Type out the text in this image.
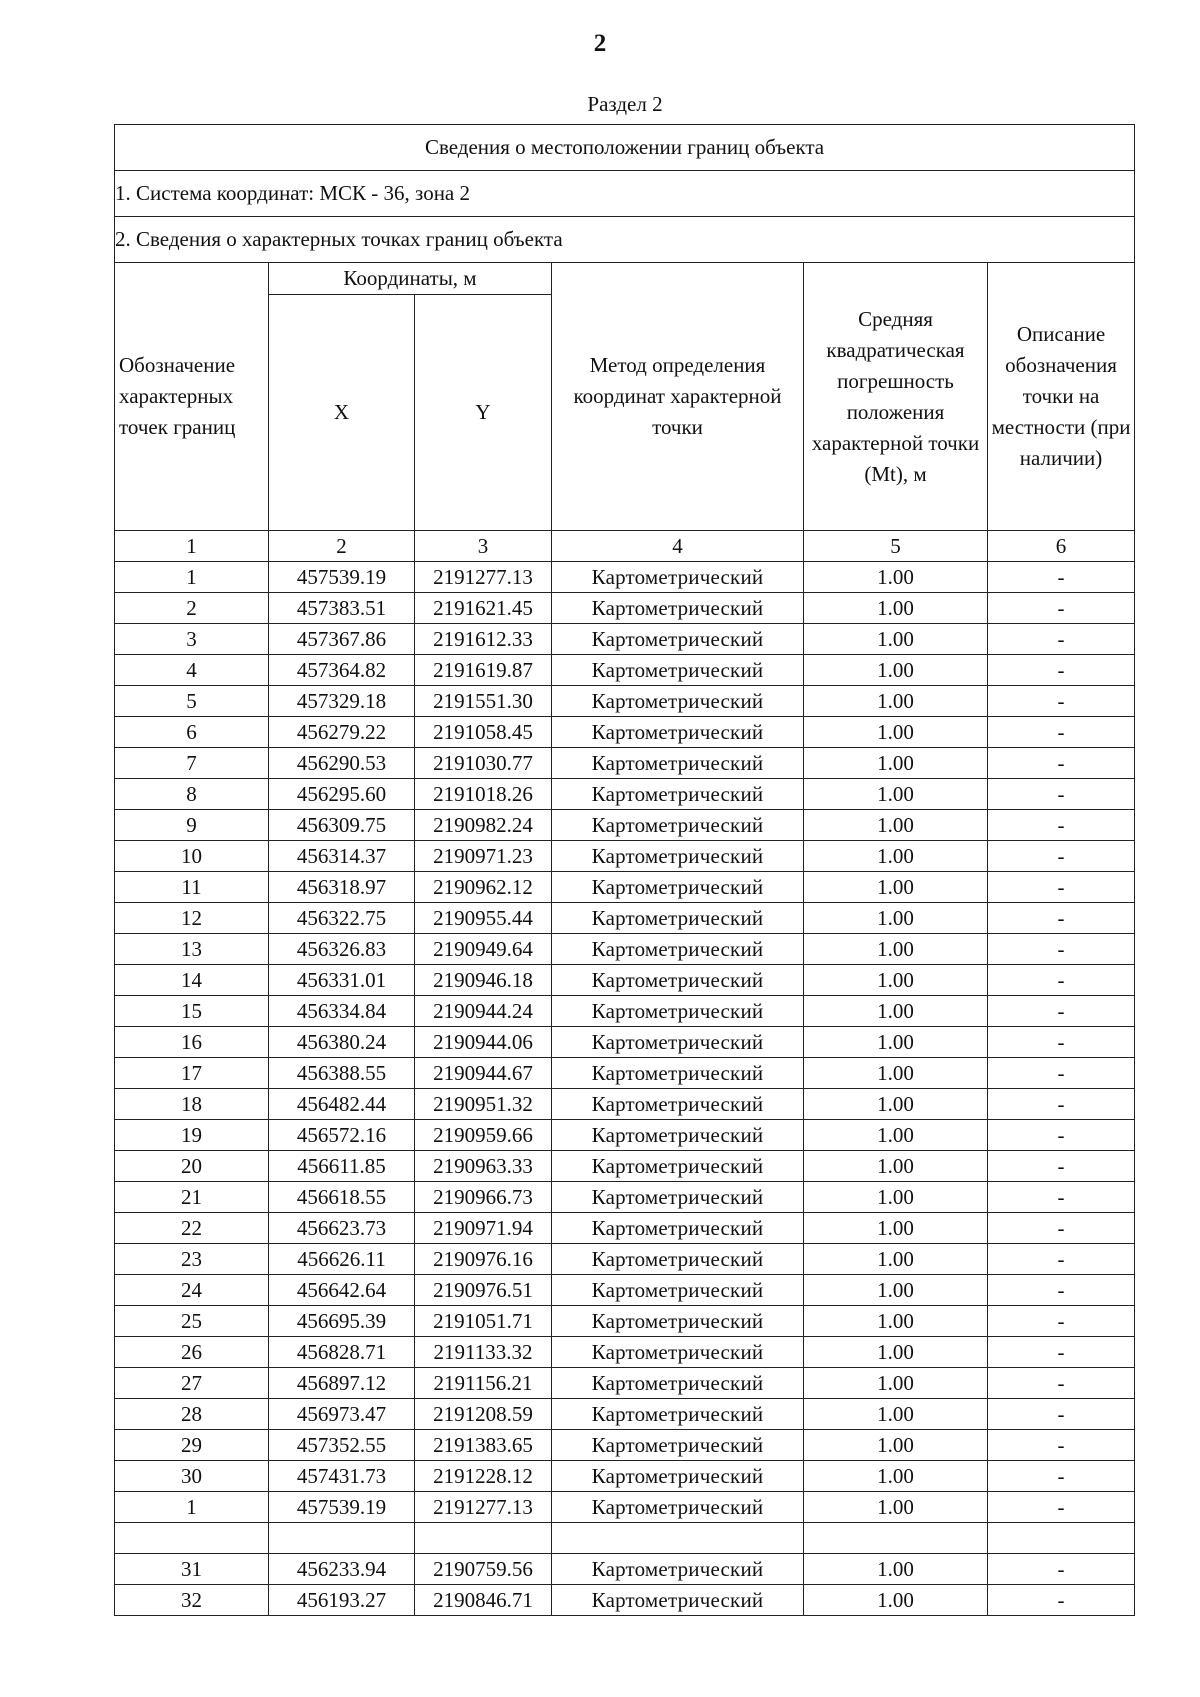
2
Раздел 2
Сведения о местоположении границ объекта					
1. Система координат: МСК - 36, зона 2					
2. Сведения о характерных точках границ объекта					
Обозначение характерных точек границ	Координаты, м		Метод определения координат характерной точки	Средняя квадратическая погрешность положения характерной точки (Mt), м	Описание обозначения точки на местности (при наличии)
	X	Y			
1	2	3	4	5	6
1	457539.19	2191277.13	Картометрический	1.00	-
2	457383.51	2191621.45	Картометрический	1.00	-
3	457367.86	2191612.33	Картометрический	1.00	-
4	457364.82	2191619.87	Картометрический	1.00	-
5	457329.18	2191551.30	Картометрический	1.00	-
6	456279.22	2191058.45	Картометрический	1.00	-
7	456290.53	2191030.77	Картометрический	1.00	-
8	456295.60	2191018.26	Картометрический	1.00	-
9	456309.75	2190982.24	Картометрический	1.00	-
10	456314.37	2190971.23	Картометрический	1.00	-
11	456318.97	2190962.12	Картометрический	1.00	-
12	456322.75	2190955.44	Картометрический	1.00	-
13	456326.83	2190949.64	Картометрический	1.00	-
14	456331.01	2190946.18	Картометрический	1.00	-
15	456334.84	2190944.24	Картометрический	1.00	-
16	456380.24	2190944.06	Картометрический	1.00	-
17	456388.55	2190944.67	Картометрический	1.00	-
18	456482.44	2190951.32	Картометрический	1.00	-
19	456572.16	2190959.66	Картометрический	1.00	-
20	456611.85	2190963.33	Картометрический	1.00	-
21	456618.55	2190966.73	Картометрический	1.00	-
22	456623.73	2190971.94	Картометрический	1.00	-
23	456626.11	2190976.16	Картометрический	1.00	-
24	456642.64	2190976.51	Картометрический	1.00	-
25	456695.39	2191051.71	Картометрический	1.00	-
26	456828.71	2191133.32	Картометрический	1.00	-
27	456897.12	2191156.21	Картометрический	1.00	-
28	456973.47	2191208.59	Картометрический	1.00	-
29	457352.55	2191383.65	Картометрический	1.00	-
30	457431.73	2191228.12	Картометрический	1.00	-
1	457539.19	2191277.13	Картометрический	1.00	-

31	456233.94	2190759.56	Картометрический	1.00	-
32	456193.27	2190846.71	Картометрический	1.00	-
